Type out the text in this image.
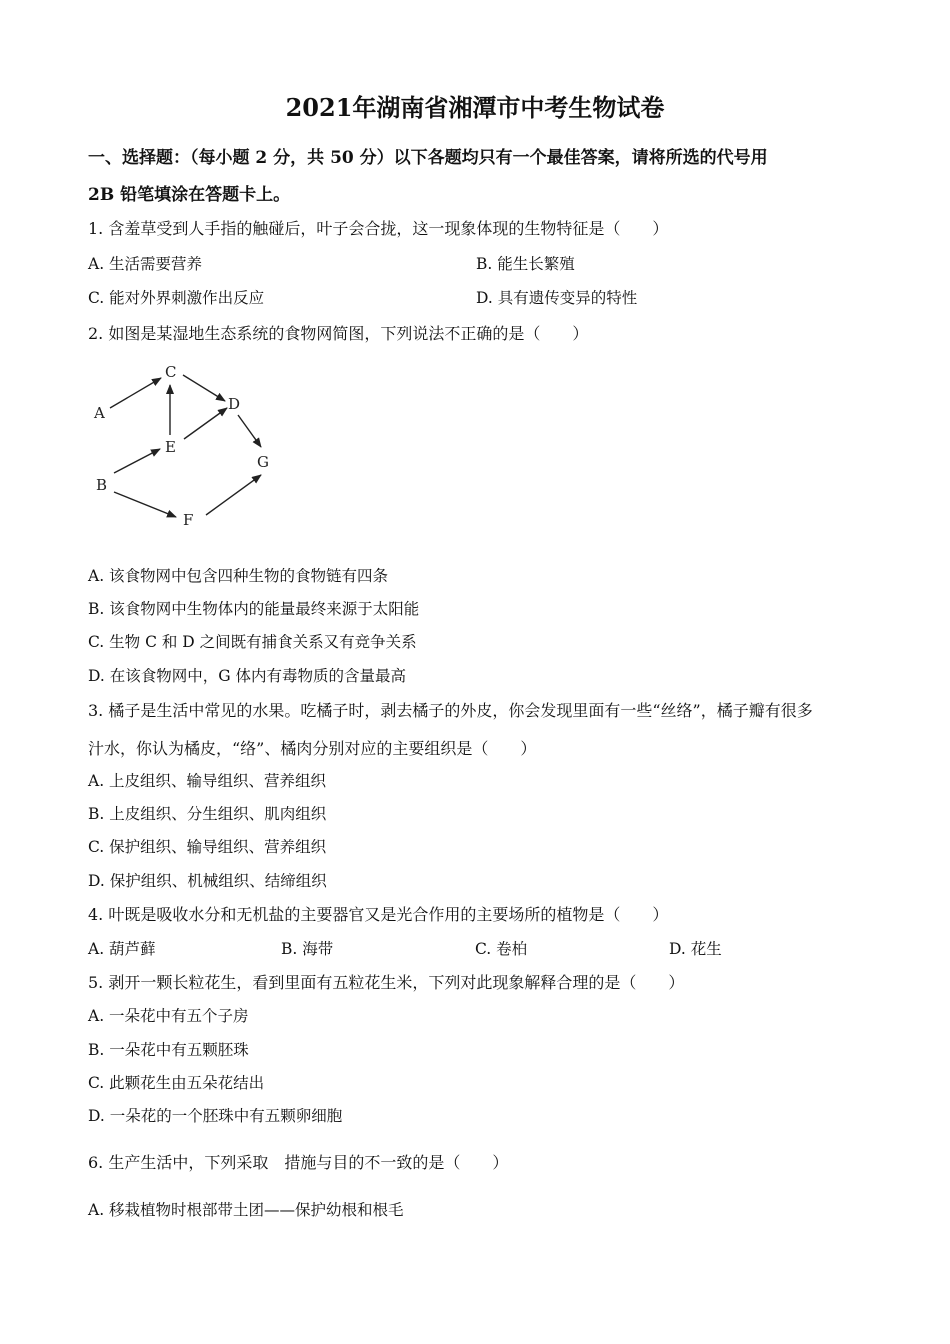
2021年湖南省湘潭市中考生物试卷
一、选择题：（每小题 2 分，共 50 分）以下各题均只有一个最佳答案，请将所选的代号用
2B 铅笔填涂在答题卡上。
1. 含羞草受到人手指的触碰后，叶子会合拢，这一现象体现的生物特征是（　　）
A. 生活需要营养	B. 能生长繁殖
C. 能对外界刺激作出反应	D. 具有遗传变异的特性
2. 如图是某湿地生态系统的食物网简图，下列说法不正确的是（　　）
A
B
C
D
E
F
G
A. 该食物网中包含四种生物的食物链有四条
B. 该食物网中生物体内的能量最终来源于太阳能
C. 生物 C 和 D 之间既有捕食关系又有竞争关系
D. 在该食物网中，G 体内有毒物质的含量最高
3. 橘子是生活中常见的水果。吃橘子时，剥去橘子的外皮，你会发现里面有一些“丝络”，橘子瓣有很多
汁水，你认为橘皮，“络”、橘肉分别对应的主要组织是（　　）
A. 上皮组织、输导组织、营养组织
B. 上皮组织、分生组织、肌肉组织
C. 保护组织、输导组织、营养组织
D. 保护组织、机械组织、结缔组织
4. 叶既是吸收水分和无机盐的主要器官又是光合作用的主要场所的植物是（　　）
A. 葫芦藓	B. 海带	C. 卷柏	D. 花生
5. 剥开一颗长粒花生，看到里面有五粒花生米，下列对此现象解释合理的是（　　）
A. 一朵花中有五个子房
B. 一朵花中有五颗胚珠
C. 此颗花生由五朵花结出
D. 一朵花的一个胚珠中有五颗卵细胞
6. 生产生活中，下列采取　措施与目的不一致的是（　　）
A. 移栽植物时根部带土团——保护幼根和根毛
